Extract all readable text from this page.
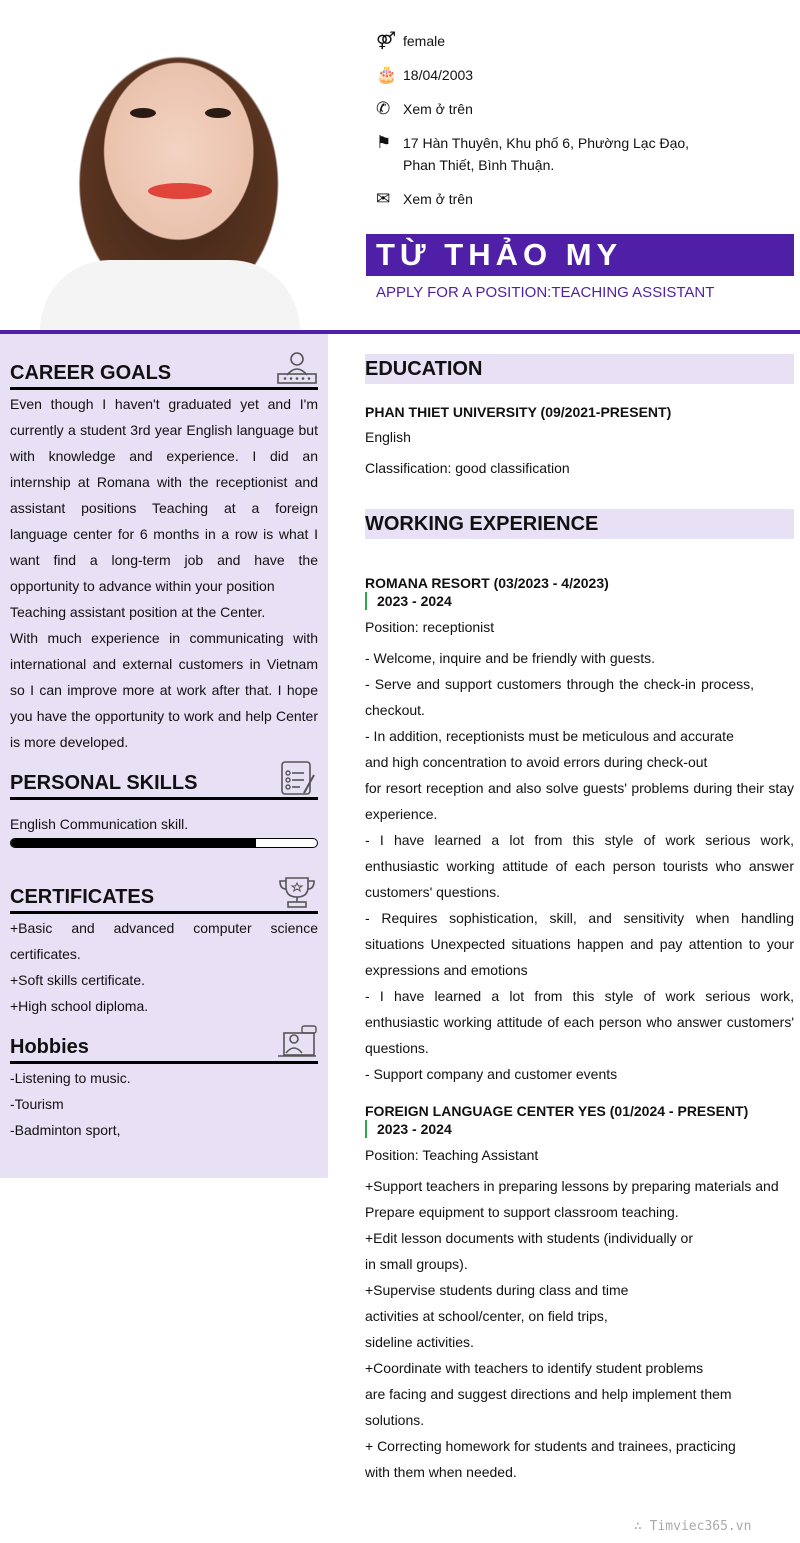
⚤ female
🎂 18/04/2003
✆ Xem ở trên
⚑ 17 Hàn Thuyên, Khu phố 6, Phường Lạc Đạo, Phan Thiết, Bình Thuận.
✉ Xem ở trên
TỪ THẢO MY
APPLY FOR A POSITION:TEACHING ASSISTANT
CAREER GOALS

Even though I haven't graduated yet and I'm currently a student 3rd year English language but with knowledge and experience. I did an internship at Romana with the receptionist and assistant positions Teaching at a foreign language center for 6 months in a row is what I want find a long-term job and have the opportunity to advance within your position

Teaching assistant position at the Center.

With much experience in communicating with international and external customers in Vietnam so I can improve more at work after that. I hope you have the opportunity to work and help Center is more developed.

PERSONAL SKILLS
English Communication skill.
CERTIFICATES

+Basic and advanced computer science certificates.

+Soft skills certificate.

+High school diploma.

Hobbies

-Listening to music.

-Tourism

-Badminton sport,

EDUCATION
PHAN THIET UNIVERSITY (09/2021-PRESENT)
English
Classification: good classification
WORKING EXPERIENCE
ROMANA RESORT (03/2023 - 4/2023)
2023 - 2024
Position: receptionist
- Welcome, inquire and be friendly with guests.
- Serve and support customers through the check-in process, checkout.
- In addition, receptionists must be meticulous and accurate
and high concentration to avoid errors during check-out
for resort reception and also solve guests' problems during their stay experience.
- I have learned a lot from this style of work serious work, enthusiastic working attitude of each person tourists who answer customers' questions.
- Requires sophistication, skill, and sensitivity when handling situations Unexpected situations happen and pay attention to your expressions and emotions
- I have learned a lot from this style of work serious work, enthusiastic working attitude of each person who answer customers' questions.
- Support company and customer events
FOREIGN LANGUAGE CENTER YES (01/2024 - PRESENT)
2023 - 2024
Position: Teaching Assistant
+Support teachers in preparing lessons by preparing materials and
Prepare equipment to support classroom teaching.
+Edit lesson documents with students (individually or
in small groups).
+Supervise students during class and time
activities at school/center, on field trips,
sideline activities.
+Coordinate with teachers to identify student problems
are facing and suggest directions and help implement them
solutions.
+ Correcting homework for students and trainees, practicing
with them when needed.
∴ Timviec365.vn
